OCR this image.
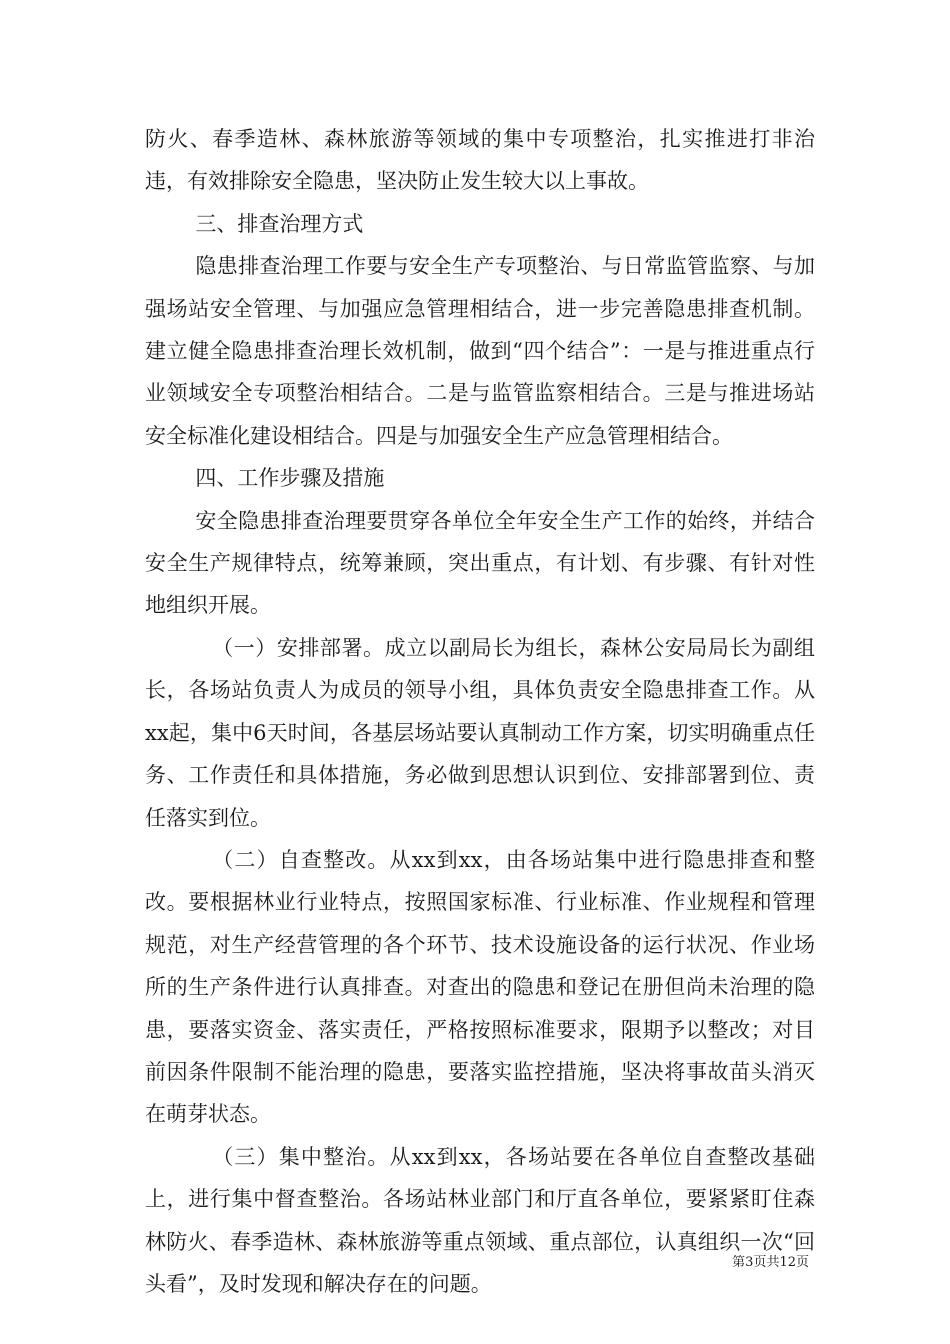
防火、春季造林、森林旅游等领域的集中专项整治，扎实推进打非治违，有效排除安全隐患，坚决防止发生较大以上事故。

三、排查治理方式

隐患排查治理工作要与安全生产专项整治、与日常监管监察、与加强场站安全管理、与加强应急管理相结合，进一步完善隐患排查机制。建立健全隐患排查治理长效机制，做到“四个结合”：一是与推进重点行业领域安全专项整治相结合。二是与监管监察相结合。三是与推进场站安全标准化建设相结合。四是与加强安全生产应急管理相结合。

四、工作步骤及措施

安全隐患排查治理要贯穿各单位全年安全生产工作的始终，并结合安全生产规律特点，统筹兼顾，突出重点，有计划、有步骤、有针对性地组织开展。

（一）安排部署。成立以副局长为组长，森林公安局局长为副组长，各场站负责人为成员的领导小组，具体负责安全隐患排查工作。从xx起，集中6天时间，各基层场站要认真制动工作方案，切实明确重点任务、工作责任和具体措施，务必做到思想认识到位、安排部署到位、责任落实到位。

（二）自查整改。从xx到xx，由各场站集中进行隐患排查和整改。要根据林业行业特点，按照国家标准、行业标准、作业规程和管理规范，对生产经营管理的各个环节、技术设施设备的运行状况、作业场所的生产条件进行认真排查。对查出的隐患和登记在册但尚未治理的隐患，要落实资金、落实责任，严格按照标准要求，限期予以整改；对目前因条件限制不能治理的隐患，要落实监控措施，坚决将事故苗头消灭在萌芽状态。

（三）集中整治。从xx到xx，各场站要在各单位自查整改基础上，进行集中督查整治。各场站林业部门和厅直各单位，要紧紧盯住森林防火、春季造林、森林旅游等重点领域、重点部位，认真组织一次“回头看”，及时发现和解决存在的问题。

第3页共12页
